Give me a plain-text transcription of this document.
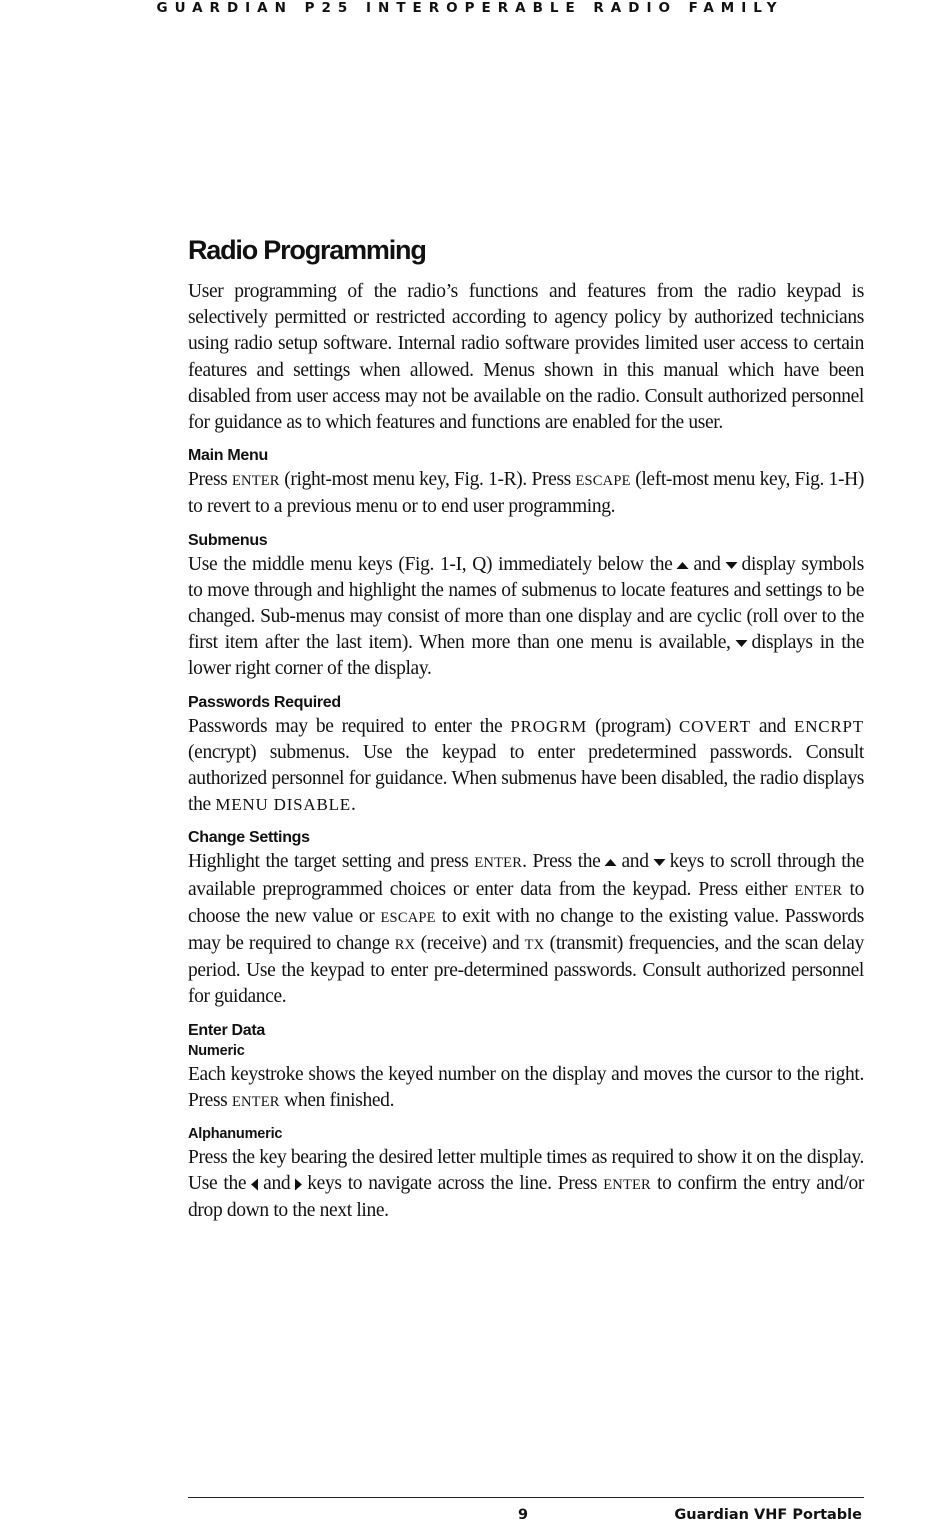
GUARDIAN P25 INTEROPERABLE RADIO FAMILY
Radio Programming

User programming of the radio’s functions and features from the radio keypad is selectively permitted or restricted according to agency policy by authorized technicians using radio setup software. Internal radio software provides limited user access to certain features and settings when allowed. Menus shown in this manual which have been disabled from user access may not be available on the radio. Consult authorized personnel for guidance as to which features and functions are enabled for the user.

Main Menu

Press ENTER (right-most menu key, Fig. 1-R). Press ESCAPE (left-most menu key, Fig. 1-H) to revert to a previous menu or to end user programming.

Submenus

Use the middle menu keys (Fig. 1-I, Q) immediately below the and display symbols to move through and highlight the names of submenus to locate features and settings to be changed. Sub-menus may consist of more than one display and are cyclic (roll over to the first item after the last item). When more than one menu is available, displays in the lower right corner of the display.

Passwords Required

Passwords may be required to enter the PROGRM (program) COVERT and ENCRPT (encrypt) submenus. Use the keypad to enter predetermined passwords. Consult authorized personnel for guidance. When submenus have been disabled, the radio displays the MENU DISABLE.

Change Settings

Highlight the target setting and press ENTER. Press the and keys to scroll through the available preprogrammed choices or enter data from the keypad. Press either ENTER to choose the new value or ESCAPE to exit with no change to the existing value. Passwords may be required to change RX (receive) and TX (transmit) frequencies, and the scan delay period. Use the keypad to enter pre-determined passwords. Consult authorized personnel for guidance.

Enter Data
Numeric

Each keystroke shows the keyed number on the display and moves the cursor to the right. Press ENTER when finished.

Alphanumeric

Press the key bearing the desired letter multiple times as required to show it on the display. Use the and keys to navigate across the line. Press ENTER to confirm the entry and/or drop down to the next line.

9	Guardian VHF Portable
